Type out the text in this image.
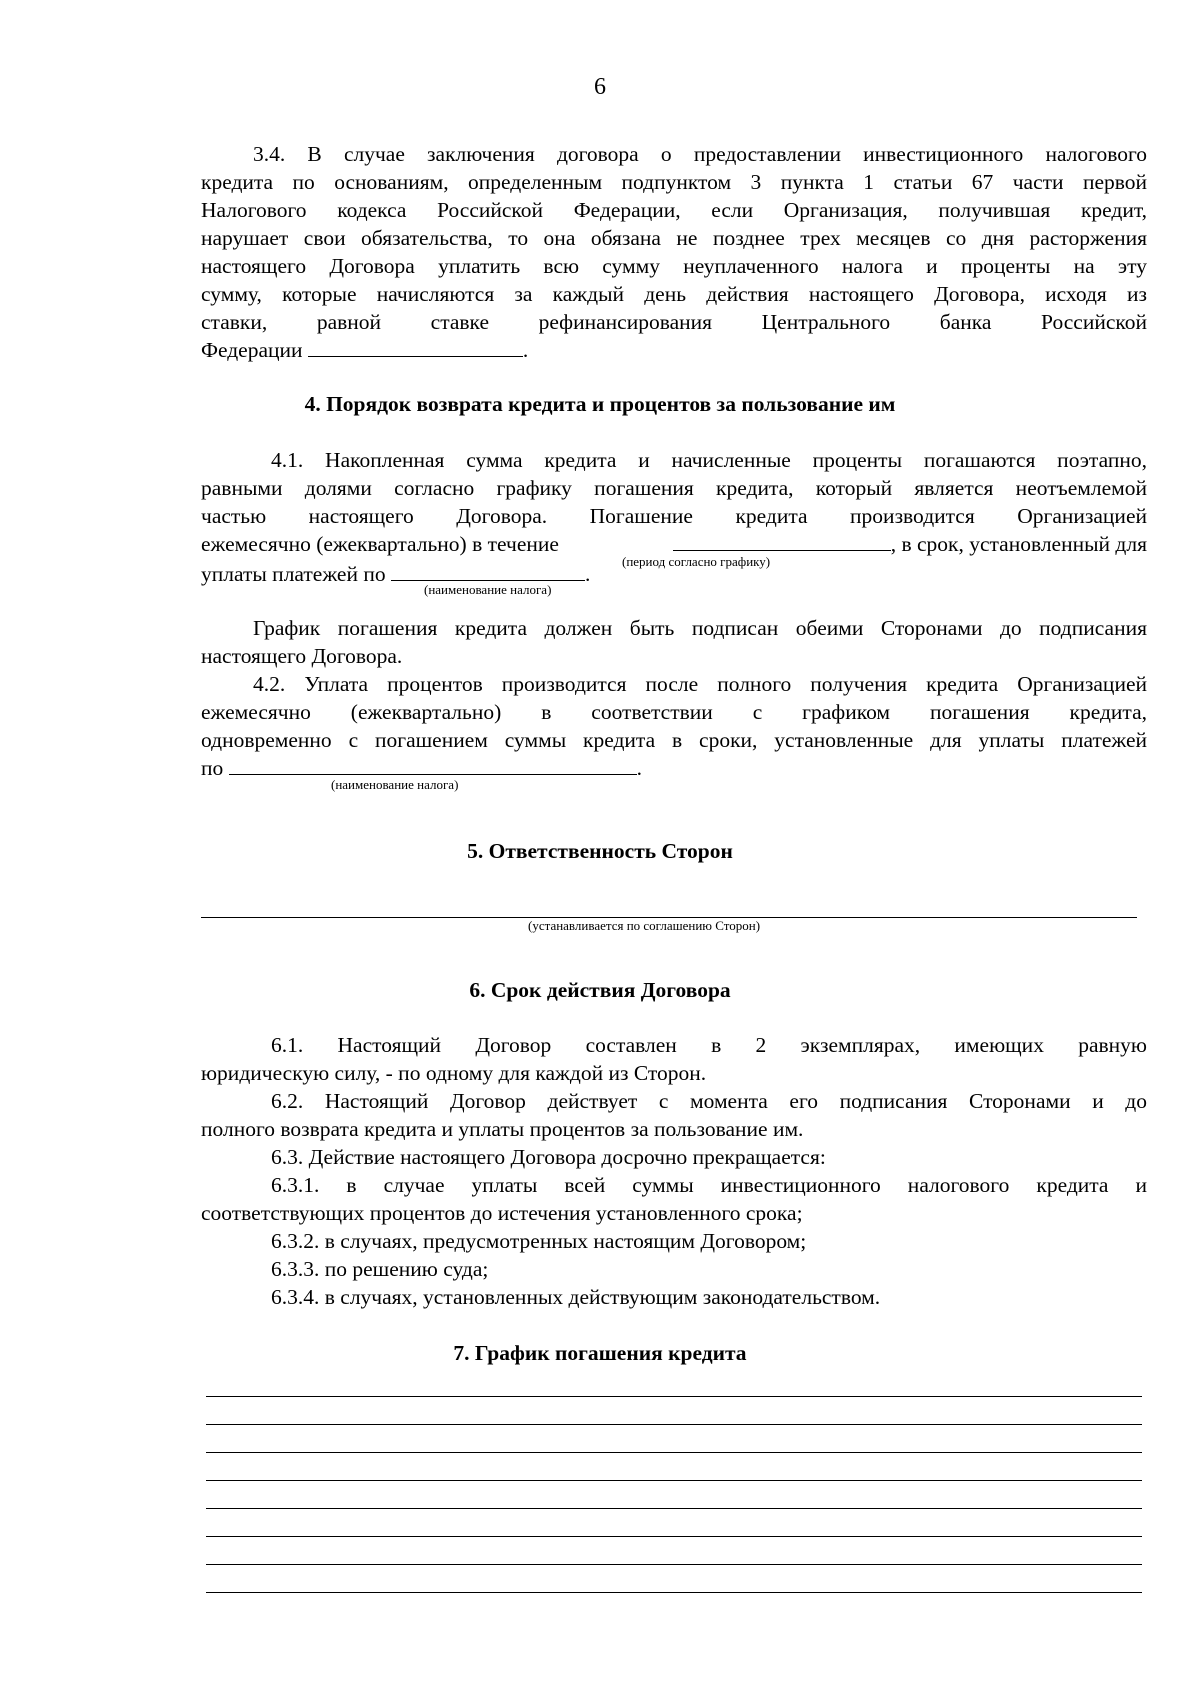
6
3.4. В случае заключения договора о предоставлении инвестиционного налогового
кредита по основаниям, определенным подпунктом 3 пункта 1 статьи 67 части первой
Налогового кодекса Российской Федерации, если Организация, получившая кредит,
нарушает свои обязательства, то она обязана не позднее трех месяцев со дня расторжения
настоящего Договора уплатить всю сумму неуплаченного налога и проценты на эту
сумму, которые начисляются за каждый день действия настоящего Договора, исходя из
ставки, равной ставке рефинансирования Центрального банка Российской
Федерации	.
4. Порядок возврата кредита и процентов за пользование им
4.1. Накопленная сумма кредита и начисленные проценты погашаются поэтапно,
равными долями согласно графику погашения кредита, который является неотъемлемой
частью настоящего Договора. Погашение кредита производится Организацией
ежемесячно (ежеквартально) в течение	, в срок, установленный для
уплаты платежей по	.
(период согласно графику)
(наименование налога)
График погашения кредита должен быть подписан обеими Сторонами до подписания
настоящего Договора.
4.2. Уплата процентов производится после полного получения кредита Организацией
ежемесячно (ежеквартально) в соответствии с графиком погашения кредита,
одновременно с погашением суммы кредита в сроки, установленные для уплаты платежей
по	.
(наименование налога)
5. Ответственность Сторон
(устанавливается по соглашению Сторон)
6. Срок действия Договора
6.1. Настоящий Договор составлен в 2 экземплярах, имеющих равную
юридическую силу, - по одному для каждой из Сторон.
6.2. Настоящий Договор действует с момента его подписания Сторонами и до
полного возврата кредита и уплаты процентов за пользование им.
6.3. Действие настоящего Договора досрочно прекращается:
6.3.1. в случае уплаты всей суммы инвестиционного налогового кредита и
соответствующих процентов до истечения установленного срока;
6.3.2. в случаях, предусмотренных настоящим Договором;
6.3.3. по решению суда;
6.3.4. в случаях, установленных действующим законодательством.
7. График погашения кредита
